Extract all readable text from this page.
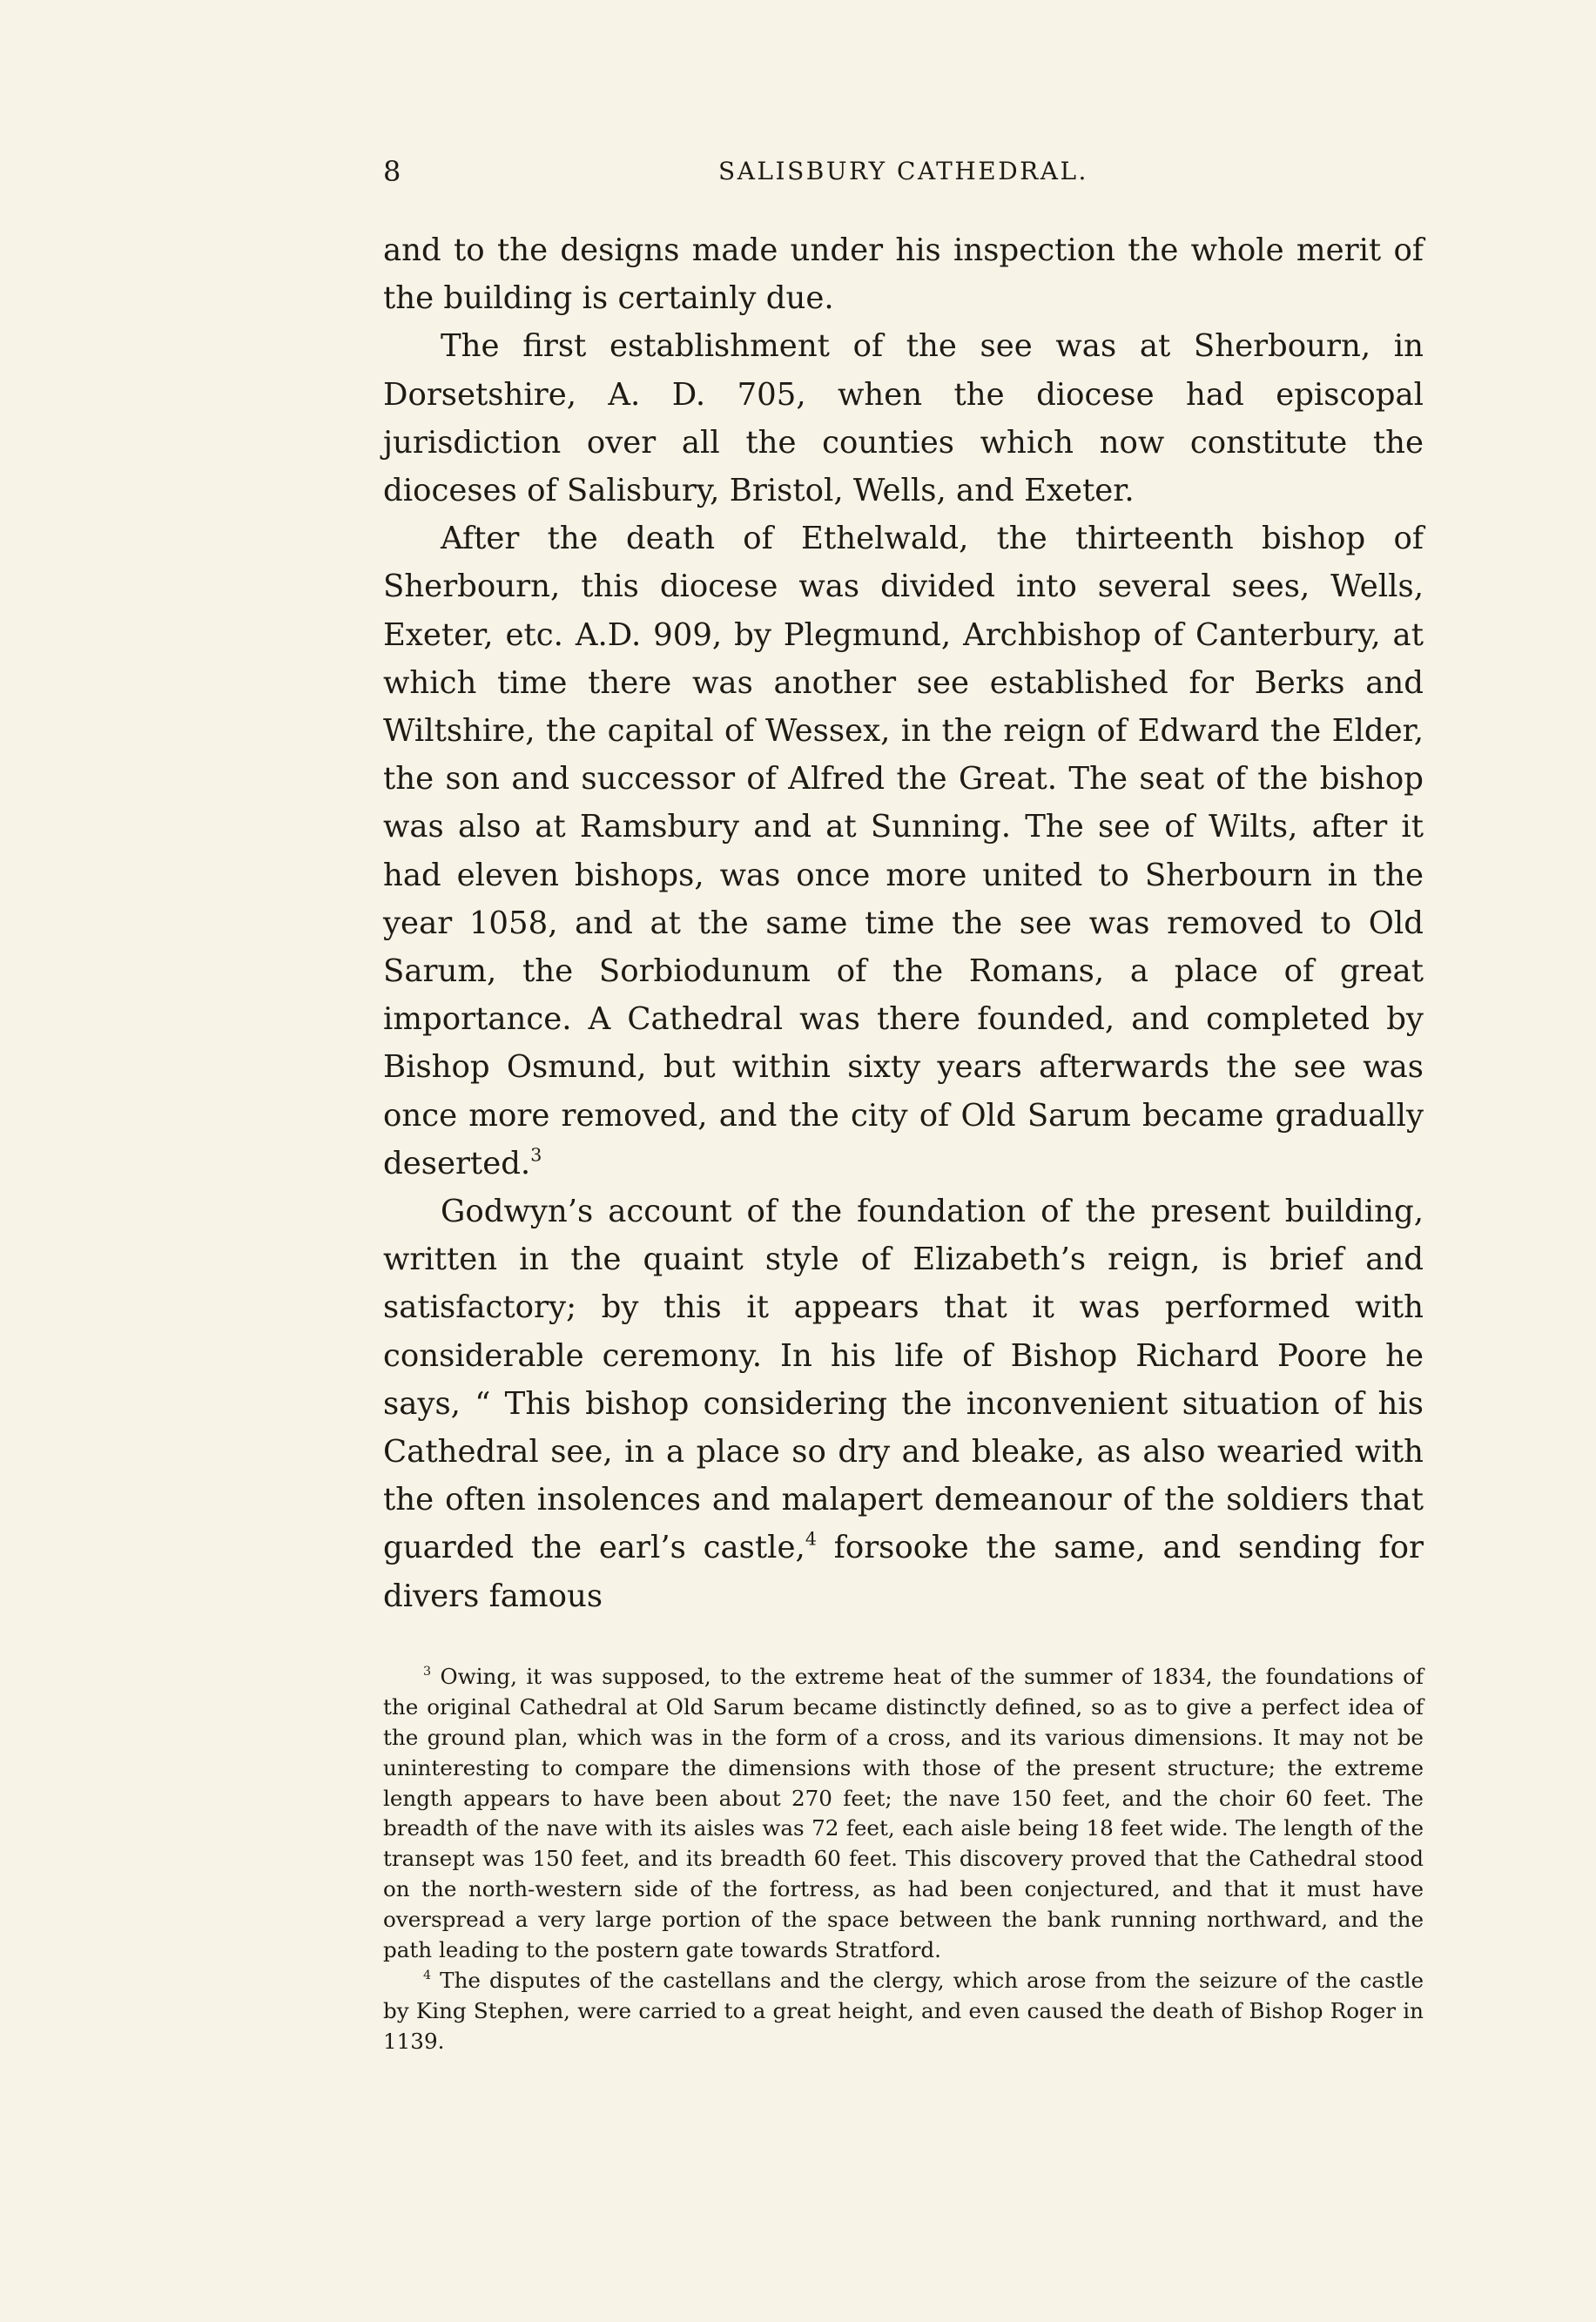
8	SALISBURY CATHEDRAL.

and to the designs made under his inspection the whole merit of the building is certainly due.

The first establishment of the see was at Sherbourn, in Dorsetshire, A. D. 705, when the diocese had episcopal jurisdiction over all the counties which now constitute the dioceses of Salisbury, Bristol, Wells, and Exeter.

After the death of Ethelwald, the thirteenth bishop of Sherbourn, this diocese was divided into several sees, Wells, Exeter, etc. A.D. 909, by Plegmund, Archbishop of Canterbury, at which time there was another see established for Berks and Wiltshire, the capital of Wessex, in the reign of Edward the Elder, the son and successor of Alfred the Great. The seat of the bishop was also at Ramsbury and at Sunning. The see of Wilts, after it had eleven bishops, was once more united to Sherbourn in the year 1058, and at the same time the see was removed to Old Sarum, the Sorbiodunum of the Romans, a place of great importance. A Cathedral was there founded, and completed by Bishop Osmund, but within sixty years afterwards the see was once more removed, and the city of Old Sarum became gradually deserted.$^3$

Godwyn’s account of the foundation of the present building, written in the quaint style of Elizabeth’s reign, is brief and satisfactory; by this it appears that it was performed with considerable ceremony. In his life of Bishop Richard Poore he says, “ This bishop considering the inconvenient situation of his Cathedral see, in a place so dry and bleake, as also wearied with the often insolences and malapert demeanour of the soldiers that guarded the earl’s castle,$^4$ forsooke the same, and sending for divers famous

$^3$ Owing, it was supposed, to the extreme heat of the summer of 1834, the foundations of the original Cathedral at Old Sarum became distinctly defined, so as to give a perfect idea of the ground plan, which was in the form of a cross, and its various dimensions. It may not be uninteresting to compare the dimensions with those of the present structure; the extreme length appears to have been about 270 feet; the nave 150 feet, and the choir 60 feet. The breadth of the nave with its aisles was 72 feet, each aisle being 18 feet wide. The length of the transept was 150 feet, and its breadth 60 feet. This discovery proved that the Cathedral stood on the north-western side of the fortress, as had been conjectured, and that it must have overspread a very large portion of the space between the bank running northward, and the path leading to the postern gate towards Stratford.

$^4$ The disputes of the castellans and the clergy, which arose from the seizure of the castle by King Stephen, were carried to a great height, and even caused the death of Bishop Roger in 1139.
